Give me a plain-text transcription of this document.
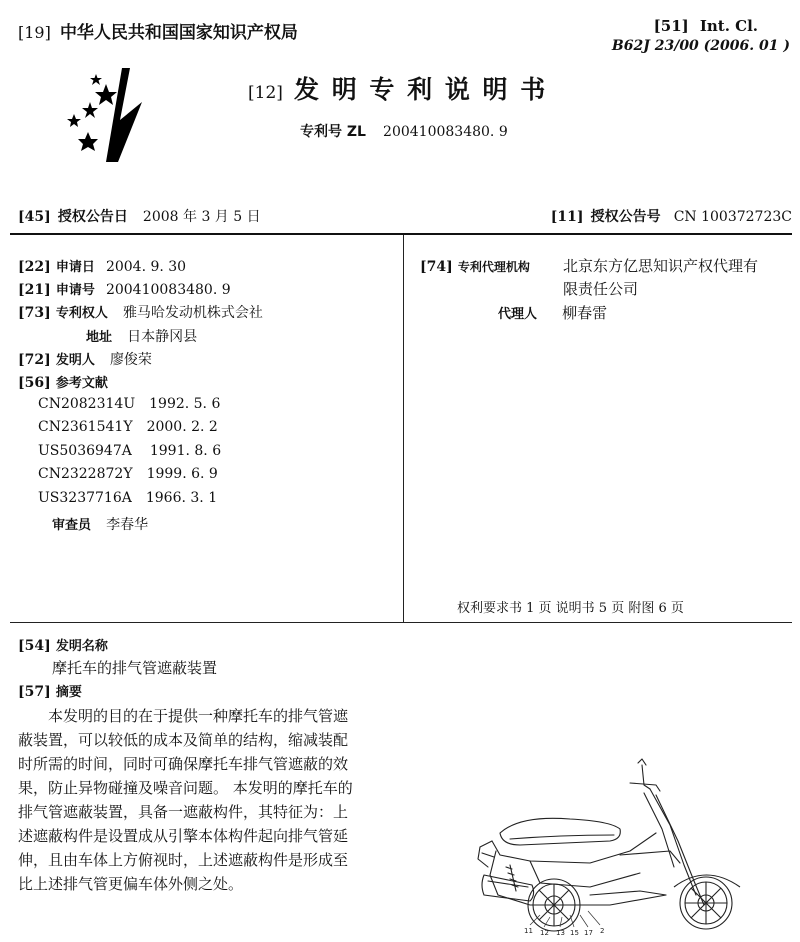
[19] 中华人民共和国国家知识产权局	[51] Int. Cl.
B62J 23/00 (2006. 01 )
[12] 发 明 专 利 说 明 书
专利号 ZL 200410083480. 9
[45] 授权公告日 2008 年 3 月 5 日	[11] 授权公告号 CN 100372723C
[22] 申请日 2004. 9. 30
[21] 申请号 200410083480. 9
[73] 专利权人 雅马哈发动机株式会社
地址 日本静冈县
[72] 发明人 廖俊荣
[56] 参考文献
CN2082314U 1992. 5. 6
CN2361541Y 2000. 2. 2
US5036947A 1991. 8. 6
CN2322872Y 1999. 6. 9
US3237716A 1966. 3. 1
审查员 李春华
[74] 专利代理机构 北京东方亿思知识产权代理有
限责任公司
代理人 柳春雷
权利要求书 1 页 说明书 5 页 附图 6 页
[54] 发明名称
摩托车的排气管遮蔽装置
[57] 摘要

本发明的目的在于提供一种摩托车的排气管遮

蔽装置，可以较低的成本及简单的结构，缩减装配

时所需的时间，同时可确保摩托车排气管遮蔽的效

果，防止异物碰撞及噪音问题。 本发明的摩托车的

排气管遮蔽装置，具备一遮蔽构件，其特征为：上

述遮蔽构件是设置成从引擎本体构件起向排气管延

伸，且由车体上方俯视时，上述遮蔽构件是形成至

比上述排气管更偏车体外侧之处。

11 12 13 15 17 2
